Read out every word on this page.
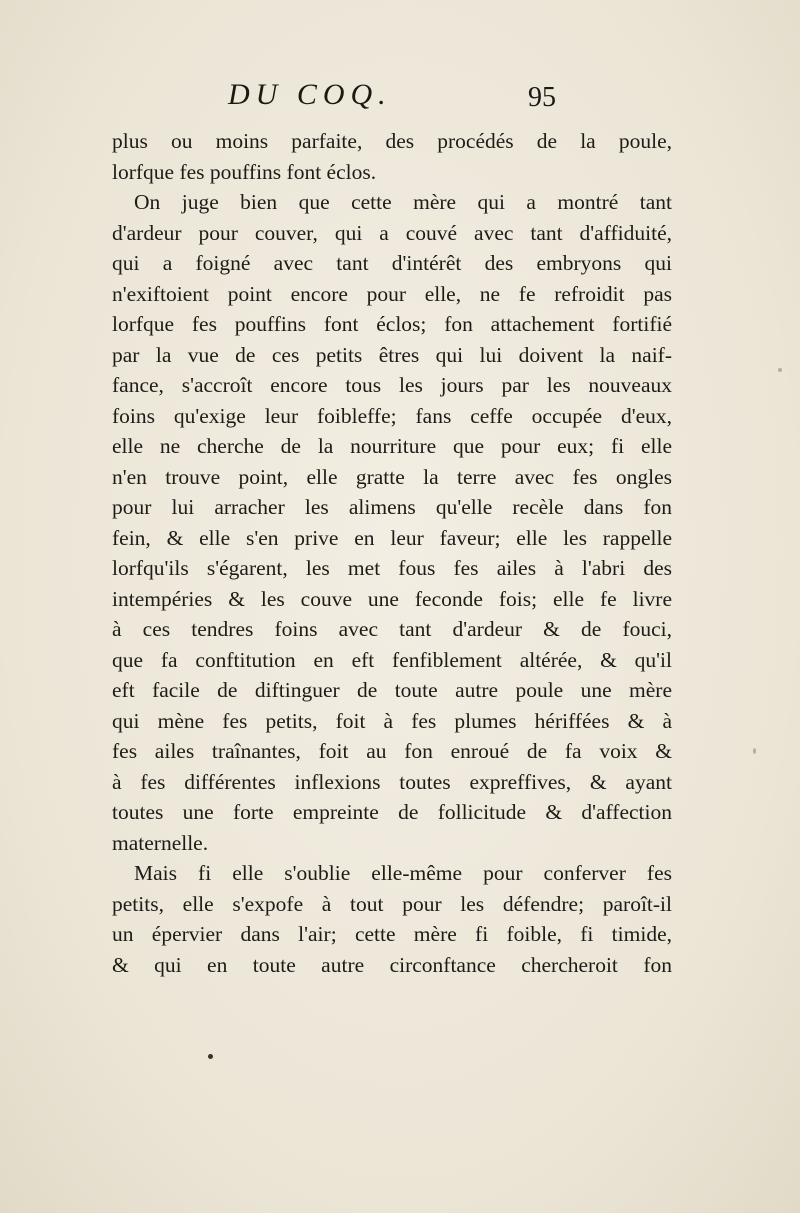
DU COQ.	95

plus ou moins parfaite, des procédés de la poule,
lorfque fes pouffins font éclos.

On juge bien que cette mère qui a montré tant
d'ardeur pour couver, qui a couvé avec tant d'affiduité,
qui a foigné avec tant d'intérêt des embryons qui
n'exiftoient point encore pour elle, ne fe refroidit pas
lorfque fes pouffins font éclos; fon attachement fortifié
par la vue de ces petits êtres qui lui doivent la naif-
fance, s'accroît encore tous les jours par les nouveaux
foins qu'exige leur foibleffe; fans ceffe occupée d'eux,
elle ne cherche de la nourriture que pour eux; fi elle
n'en trouve point, elle gratte la terre avec fes ongles
pour lui arracher les alimens qu'elle recèle dans fon
fein, & elle s'en prive en leur faveur; elle les rappelle
lorfqu'ils s'égarent, les met fous fes ailes à l'abri des
intempéries & les couve une feconde fois; elle fe livre
à ces tendres foins avec tant d'ardeur & de fouci,
que fa conftitution en eft fenfiblement altérée, & qu'il
eft facile de diftinguer de toute autre poule une mère
qui mène fes petits, foit à fes plumes hériffées & à
fes ailes traînantes, foit au fon enroué de fa voix &
à fes différentes inflexions toutes expreffives, & ayant
toutes une forte empreinte de follicitude & d'affection
maternelle.

Mais fi elle s'oublie elle-même pour conferver fes
petits, elle s'expofe à tout pour les défendre; paroît-il
un épervier dans l'air; cette mère fi foible, fi timide,
& qui en toute autre circonftance chercheroit fon
